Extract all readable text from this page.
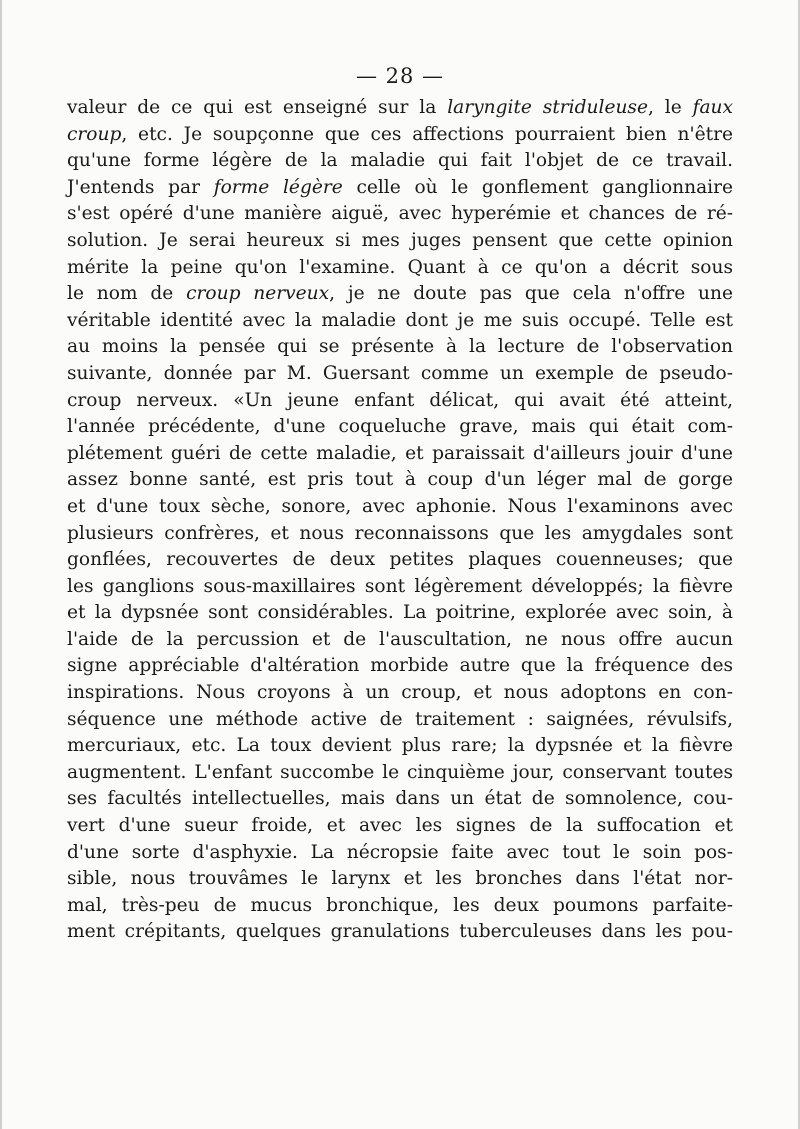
— 28 —
valeur de ce qui est enseigné sur la laryngite striduleuse, le faux
croup, etc. Je soupçonne que ces affections pourraient bien n'être
qu'une forme légère de la maladie qui fait l'objet de ce travail.
J'entends par forme légère celle où le gonflement ganglionnaire
s'est opéré d'une manière aiguë, avec hyperémie et chances de ré-
solution. Je serai heureux si mes juges pensent que cette opinion
mérite la peine qu'on l'examine. Quant à ce qu'on a décrit sous
le nom de croup nerveux, je ne doute pas que cela n'offre une
véritable identité avec la maladie dont je me suis occupé. Telle est
au moins la pensée qui se présente à la lecture de l'observation
suivante, donnée par M. Guersant comme un exemple de pseudo-
croup nerveux. «Un jeune enfant délicat, qui avait été atteint,
l'année précédente, d'une coqueluche grave, mais qui était com-
plétement guéri de cette maladie, et paraissait d'ailleurs jouir d'une
assez bonne santé, est pris tout à coup d'un léger mal de gorge
et d'une toux sèche, sonore, avec aphonie. Nous l'examinons avec
plusieurs confrères, et nous reconnaissons que les amygdales sont
gonflées, recouvertes de deux petites plaques couenneuses; que
les ganglions sous-maxillaires sont légèrement développés; la fièvre
et la dypsnée sont considérables. La poitrine, explorée avec soin, à
l'aide de la percussion et de l'auscultation, ne nous offre aucun
signe appréciable d'altération morbide autre que la fréquence des
inspirations. Nous croyons à un croup, et nous adoptons en con-
séquence une méthode active de traitement : saignées, révulsifs,
mercuriaux, etc. La toux devient plus rare; la dypsnée et la fièvre
augmentent. L'enfant succombe le cinquième jour, conservant toutes
ses facultés intellectuelles, mais dans un état de somnolence, cou-
vert d'une sueur froide, et avec les signes de la suffocation et
d'une sorte d'asphyxie. La nécropsie faite avec tout le soin pos-
sible, nous trouvâmes le larynx et les bronches dans l'état nor-
mal, très-peu de mucus bronchique, les deux poumons parfaite-
ment crépitants, quelques granulations tuberculeuses dans les pou-
